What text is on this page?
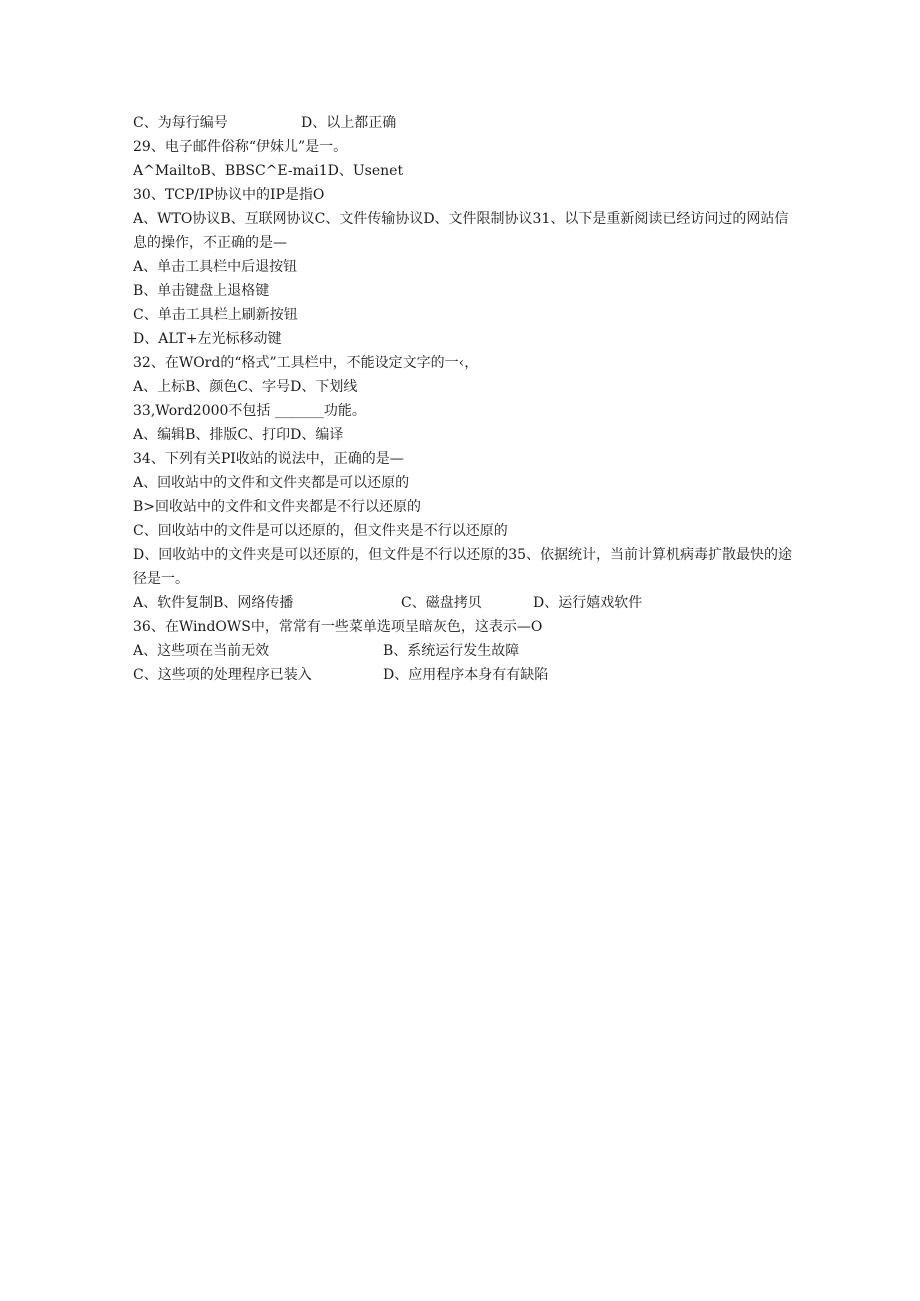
C、为每行编号	D、以上都正确
29、电子邮件俗称“伊妹儿”是一。
A^MailtoB、BBSC^E-mai1D、Usenet
30、TCP/IP协议中的IP是指O
A、WTO协议B、互联网协议C、文件传输协议D、文件限制协议31、以下是重新阅读已经访问过的网站信息的操作，不正确的是—
A、单击工具栏中后退按钮
B、单击键盘上退格键
C、单击工具栏上刷新按钮
D、ALT+左光标移动键
32、在WOrd的“格式”工具栏中，不能设定文字的一‹，
A、上标B、颜色C、字号D、下划线
33,Word2000不包括 _______功能。
A、编辑B、排版C、打印D、编译
34、下列有关PI收站的说法中，正确的是—
A、回收站中的文件和文件夹都是可以还原的
B>回收站中的文件和文件夹都是不行以还原的
C、回收站中的文件是可以还原的，但文件夹是不行以还原的
D、回收站中的文件夹是可以还原的，但文件是不行以还原的35、依据统计，当前计算机病毒扩散最快的途径是一。
A、软件复制B、网络传播	C、磁盘拷贝	D、运行嬉戏软件
36、在WindOWS中，常常有一些菜单选项呈暗灰色，这表示—O
A、这些项在当前无效	B、系统运行发生故障
C、这些项的处理程序已装入	D、应用程序本身有有缺陷
